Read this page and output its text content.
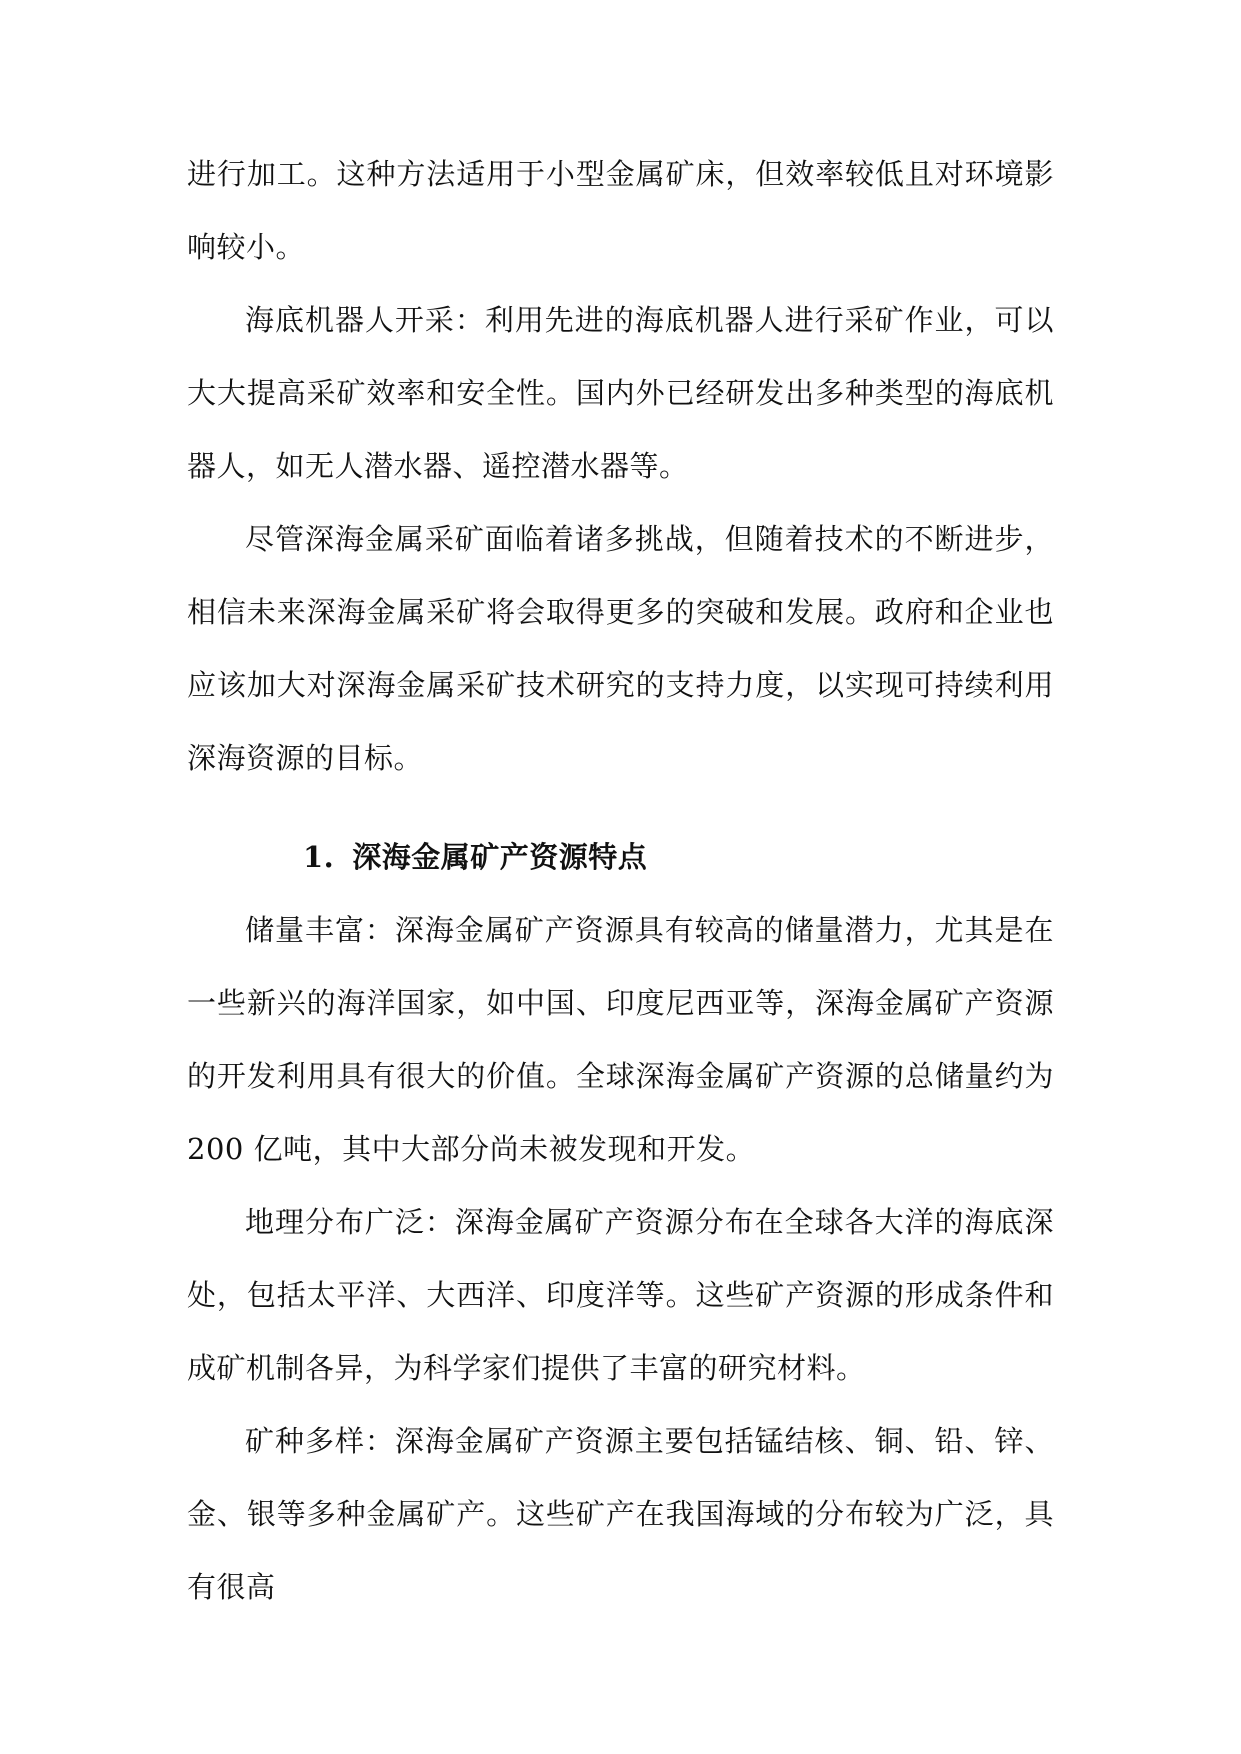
进行加工。这种方法适用于小型金属矿床，但效率较低且对环境影响较小。

海底机器人开采：利用先进的海底机器人进行采矿作业，可以大大提高采矿效率和安全性。国内外已经研发出多种类型的海底机器人，如无人潜水器、遥控潜水器等。

尽管深海金属采矿面临着诸多挑战，但随着技术的不断进步，相信未来深海金属采矿将会取得更多的突破和发展。政府和企业也应该加大对深海金属采矿技术研究的支持力度，以实现可持续利用深海资源的目标。

1. 深海金属矿产资源特点

储量丰富：深海金属矿产资源具有较高的储量潜力，尤其是在一些新兴的海洋国家，如中国、印度尼西亚等，深海金属矿产资源的开发利用具有很大的价值。全球深海金属矿产资源的总储量约为 200 亿吨，其中大部分尚未被发现和开发。

地理分布广泛：深海金属矿产资源分布在全球各大洋的海底深处，包括太平洋、大西洋、印度洋等。这些矿产资源的形成条件和成矿机制各异，为科学家们提供了丰富的研究材料。

矿种多样：深海金属矿产资源主要包括锰结核、铜、铅、锌、金、银等多种金属矿产。这些矿产在我国海域的分布较为广泛，具有很高
